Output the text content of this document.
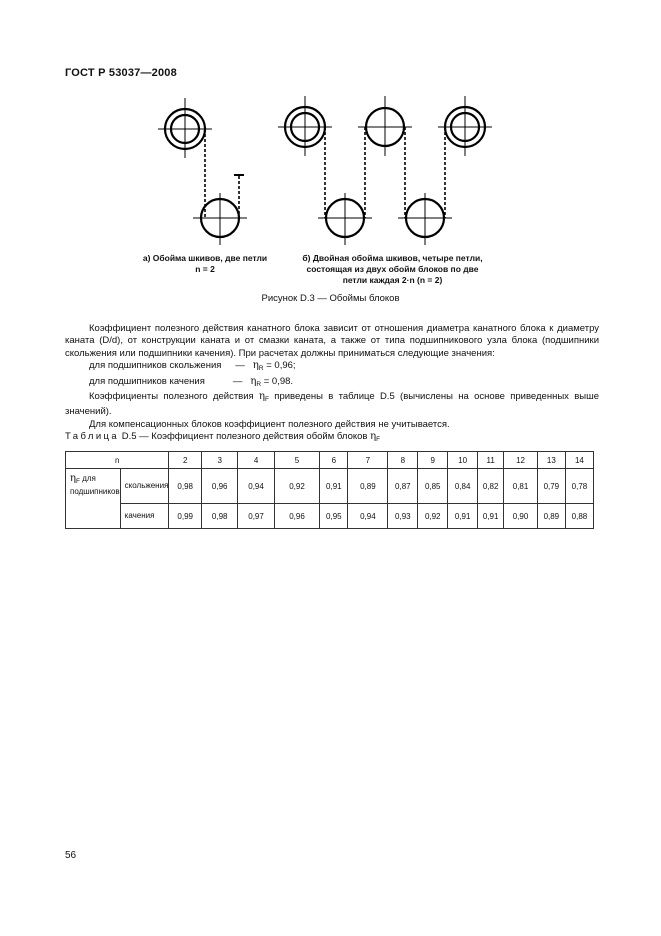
ГОСТ Р 53037—2008
а) Обойма шкивов, две петли
n = 2
б) Двойная обойма шкивов, четыре петли,
состоящая из двух обойм блоков по две
петли каждая 2·n (n = 2)
Рисунок D.3 — Обоймы блоков

Коэффициент полезного действия канатного блока зависит от отношения диаметра канатного блока к диаметру каната (D/d), от конструкции каната и от смазки каната, а также от типа подшипникового узла блока (подшипники скольжения или подшипники качения). При расчетах должны приниматься следующие значения:

для подшипников скольжения — $\eta_R = 0,96$;

для подшипников качения	— $\eta_R = 0,98$.

Коэффициенты полезного действия $\eta_F$ приведены в таблице D.5 (вычислены на основе приведенных выше значений).

Для компенсационных блоков коэффициент полезного действия не учитывается.

Таблица D.5 — Коэффициент полезного действия обойм блоков $\eta_F$
n		2	3	4	5	6	7	8	9	10	11	12	13	14
$\eta_F$ для подшипников	скольжения	0,98	0,96	0,94	0,92	0,91	0,89	0,87	0,85	0,84	0,82	0,81	0,79	0,78
	качения	0,99	0,98	0,97	0,96	0,95	0,94	0,93	0,92	0,91	0,91	0,90	0,89	0,88
56
